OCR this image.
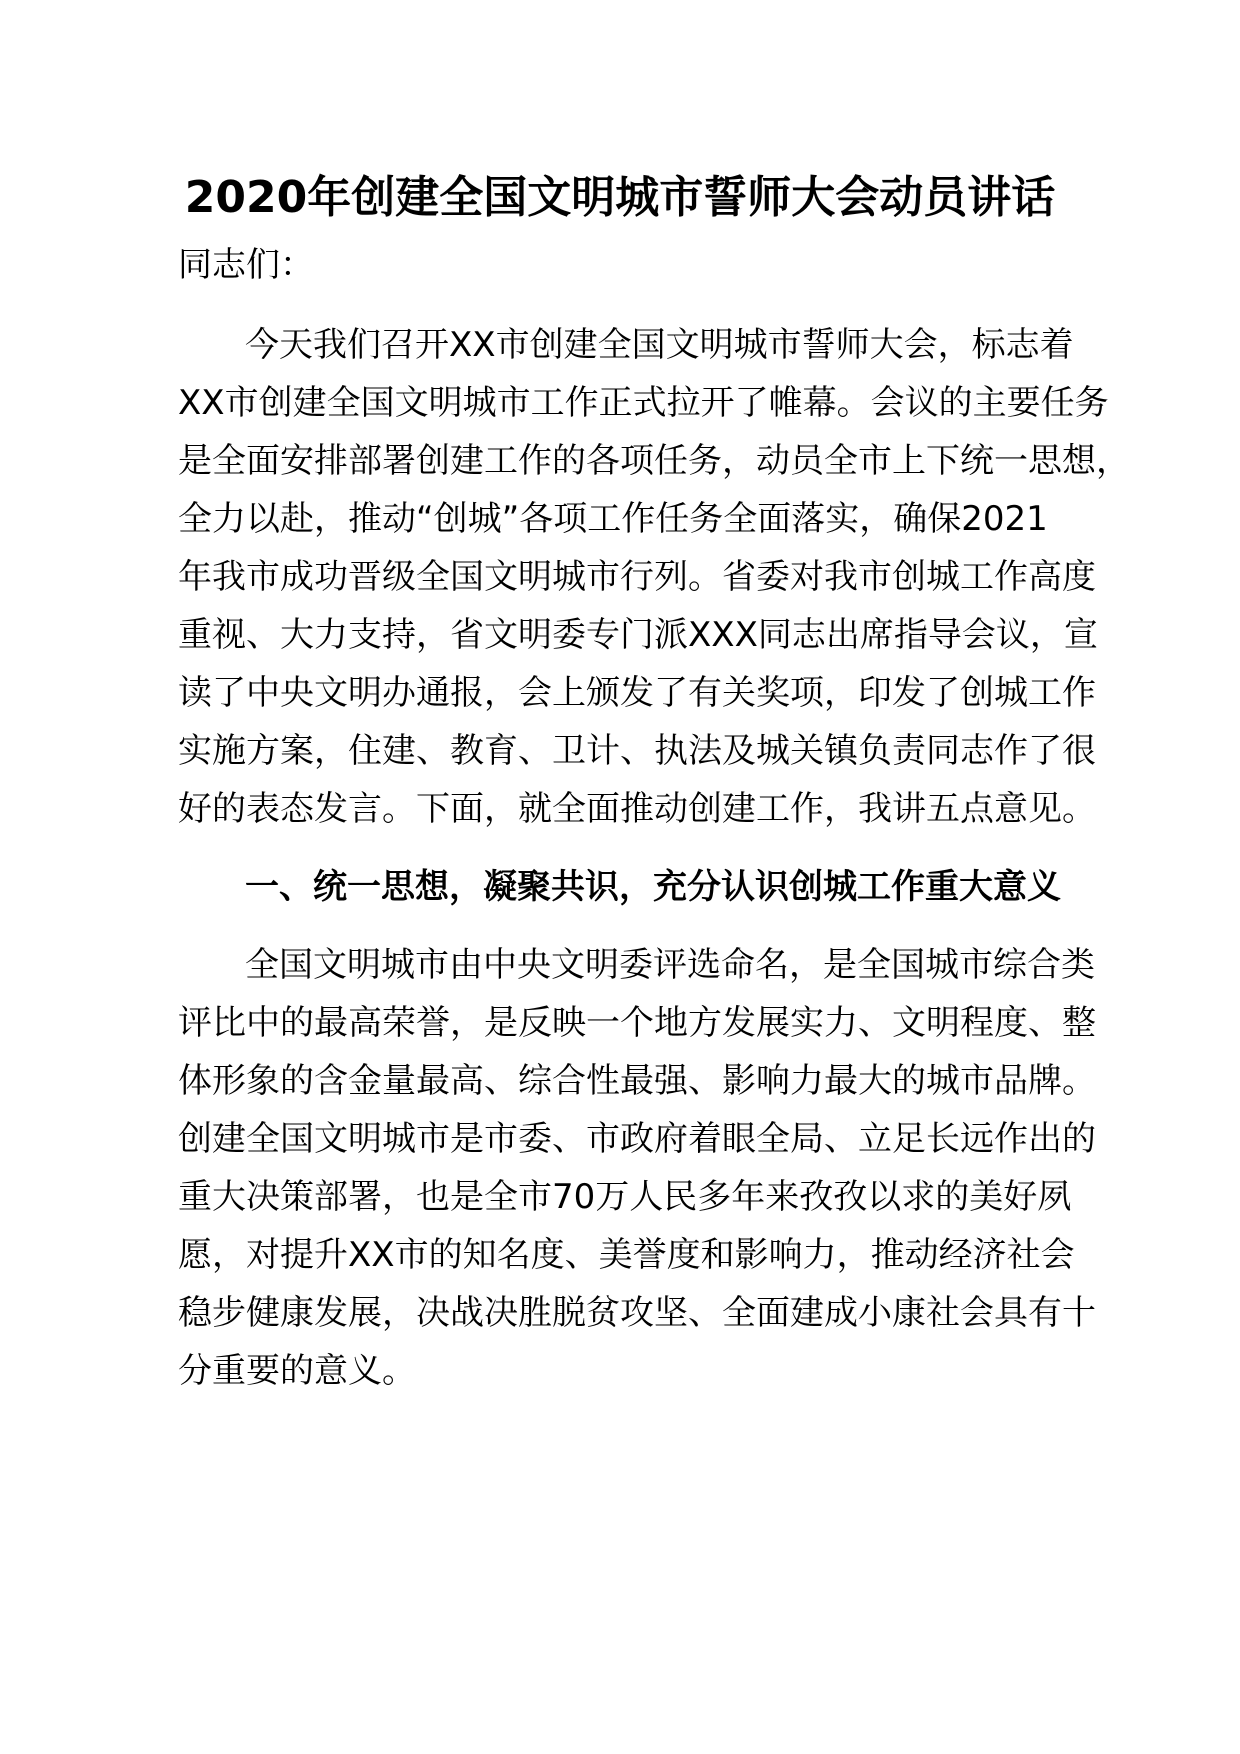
2020年创建全国文明城市誓师大会动员讲话
同志们：
今天我们召开XX市创建全国文明城市誓师大会，标志着
XX市创建全国文明城市工作正式拉开了帷幕。会议的主要任务
是全面安排部署创建工作的各项任务，动员全市上下统一思想，
全力以赴，推动“创城”各项工作任务全面落实，确保2021
年我市成功晋级全国文明城市行列。省委对我市创城工作高度
重视、大力支持，省文明委专门派XXX同志出席指导会议，宣
读了中央文明办通报，会上颁发了有关奖项，印发了创城工作
实施方案，住建、教育、卫计、执法及城关镇负责同志作了很
好的表态发言。下面，就全面推动创建工作，我讲五点意见。
一、统一思想，凝聚共识，充分认识创城工作重大意义
全国文明城市由中央文明委评选命名，是全国城市综合类
评比中的最高荣誉，是反映一个地方发展实力、文明程度、整
体形象的含金量最高、综合性最强、影响力最大的城市品牌。
创建全国文明城市是市委、市政府着眼全局、立足长远作出的
重大决策部署，也是全市70万人民多年来孜孜以求的美好夙
愿，对提升XX市的知名度、美誉度和影响力，推动经济社会
稳步健康发展，决战决胜脱贫攻坚、全面建成小康社会具有十
分重要的意义。
